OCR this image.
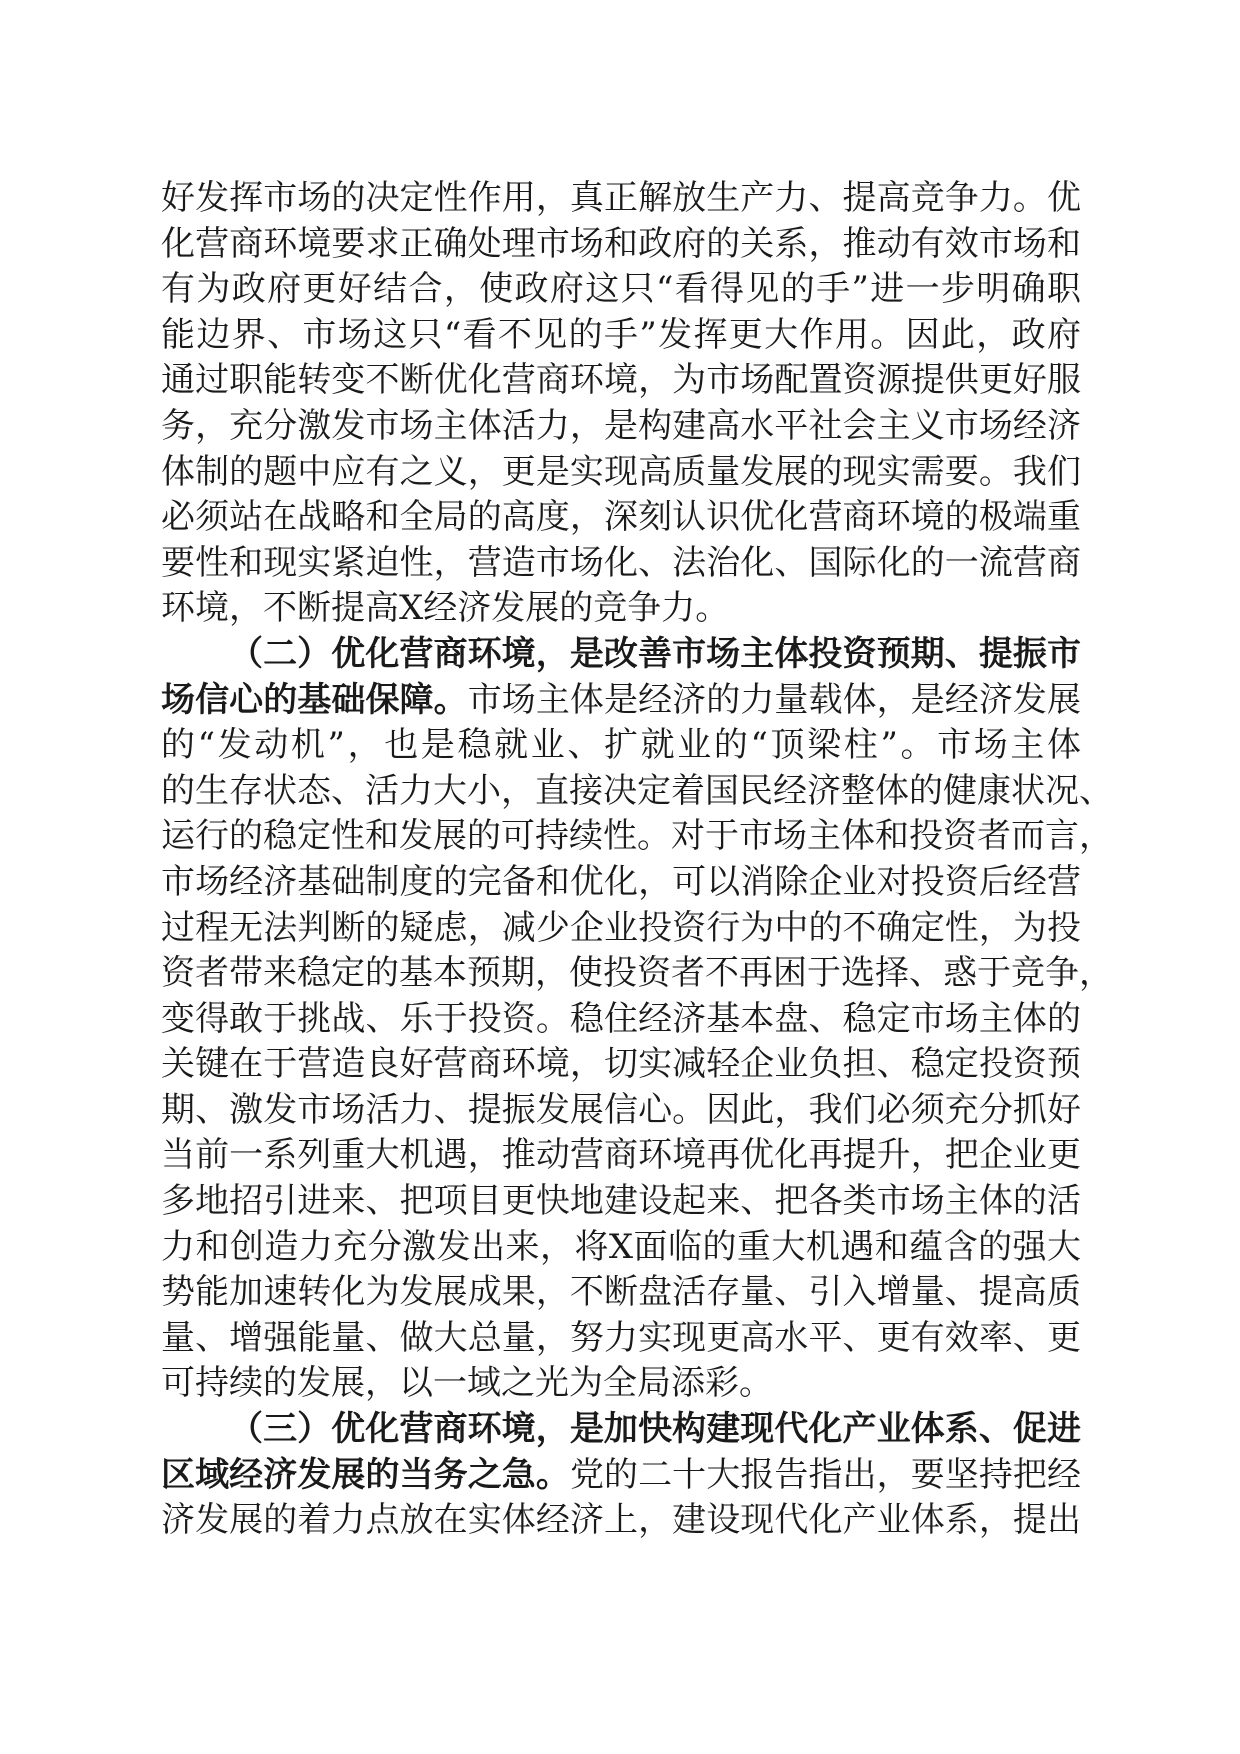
好发挥市场的决定性作用，真正解放生产力、提高竞争力。优
化营商环境要求正确处理市场和政府的关系，推动有效市场和
有为政府更好结合，使政府这只“看得见的手”进一步明确职
能边界、市场这只“看不见的手”发挥更大作用。因此，政府
通过职能转变不断优化营商环境，为市场配置资源提供更好服
务，充分激发市场主体活力，是构建高水平社会主义市场经济
体制的题中应有之义，更是实现高质量发展的现实需要。我们
必须站在战略和全局的高度，深刻认识优化营商环境的极端重
要性和现实紧迫性，营造市场化、法治化、国际化的一流营商
环境，不断提高X经济发展的竞争力。
（二）优化营商环境，是改善市场主体投资预期、提振市
场信心的基础保障。市场主体是经济的力量载体，是经济发展
的“发动机”，也是稳就业、扩就业的“顶梁柱”。市场主体
的生存状态、活力大小，直接决定着国民经济整体的健康状况、
运行的稳定性和发展的可持续性。对于市场主体和投资者而言，
市场经济基础制度的完备和优化，可以消除企业对投资后经营
过程无法判断的疑虑，减少企业投资行为中的不确定性，为投
资者带来稳定的基本预期，使投资者不再困于选择、惑于竞争，
变得敢于挑战、乐于投资。稳住经济基本盘、稳定市场主体的
关键在于营造良好营商环境，切实减轻企业负担、稳定投资预
期、激发市场活力、提振发展信心。因此，我们必须充分抓好
当前一系列重大机遇，推动营商环境再优化再提升，把企业更
多地招引进来、把项目更快地建设起来、把各类市场主体的活
力和创造力充分激发出来，将X面临的重大机遇和蕴含的强大
势能加速转化为发展成果，不断盘活存量、引入增量、提高质
量、增强能量、做大总量，努力实现更高水平、更有效率、更
可持续的发展，以一域之光为全局添彩。
（三）优化营商环境，是加快构建现代化产业体系、促进
区域经济发展的当务之急。党的二十大报告指出，要坚持把经
济发展的着力点放在实体经济上，建设现代化产业体系，提出
